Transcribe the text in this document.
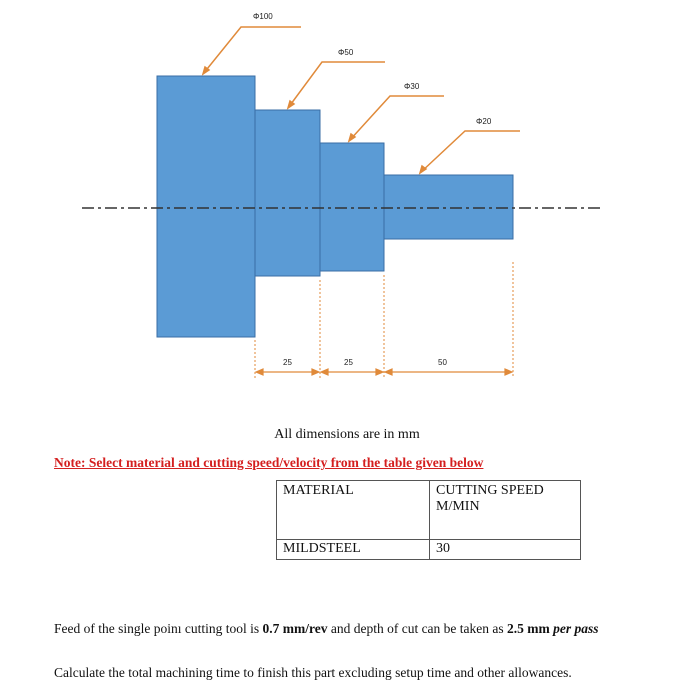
Φ100
Φ50
Φ30
Φ20
25	25	50
All dimensions are in mm
Note: Select material and cutting speed/velocity from the table given below
MATERIAL	CUTTING SPEED M/MIN
MILDSTEEL	30
Feed of the single poinı cutting tool is 0.7 mm/rev and depth of cut can be taken as 2.5 mm per pass
Calculate the total machining time to finish this part excluding setup time and other allowances.
